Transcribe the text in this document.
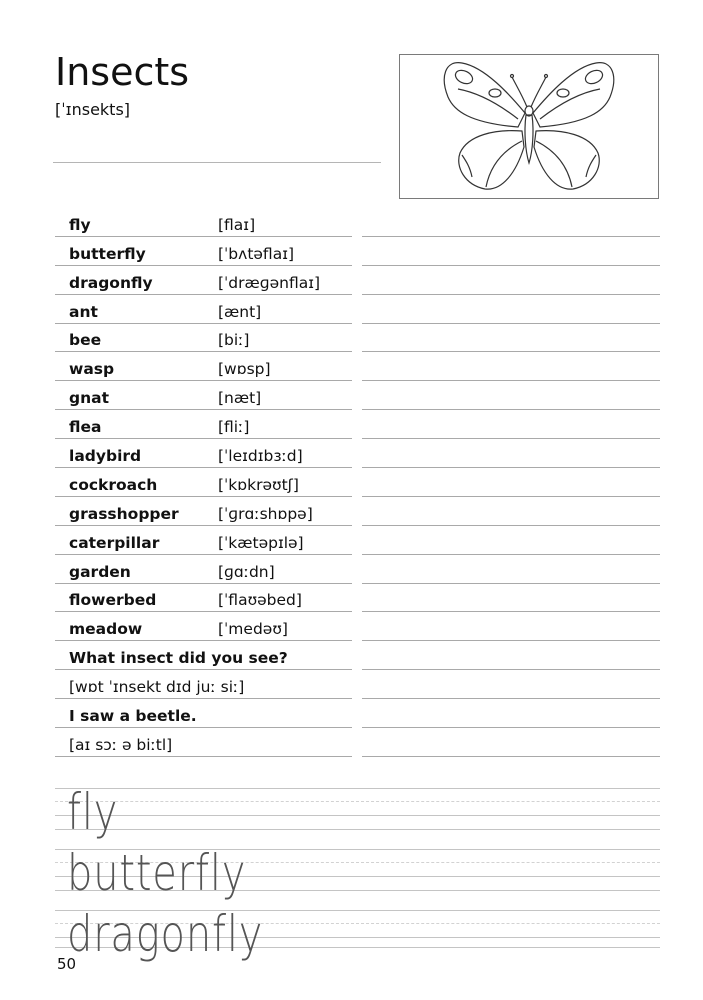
Insects
[ˈɪnsekts]
fly	[flaɪ]
butterfly	[ˈbʌtəflaɪ]
dragonfly	[ˈdræɡənflaɪ]
ant	[ænt]
bee	[biː]
wasp	[wɒsp]
gnat	[næt]
flea	[fliː]
ladybird	[ˈleɪdɪbɜːd]
cockroach	[ˈkɒkrəʊtʃ]
grasshopper	[ˈɡrɑːshɒpə]
caterpillar	[ˈkætəpɪlə]
garden	[ɡɑːdn]
flowerbed	[ˈflaʊəbed]
meadow	[ˈmedəʊ]
What insect did you see?
[wɒt ˈɪnsekt dɪd juː siː]
I saw a beetle.
[aɪ sɔː ə biːtl]
fly
butterfly
dragonfly
50
